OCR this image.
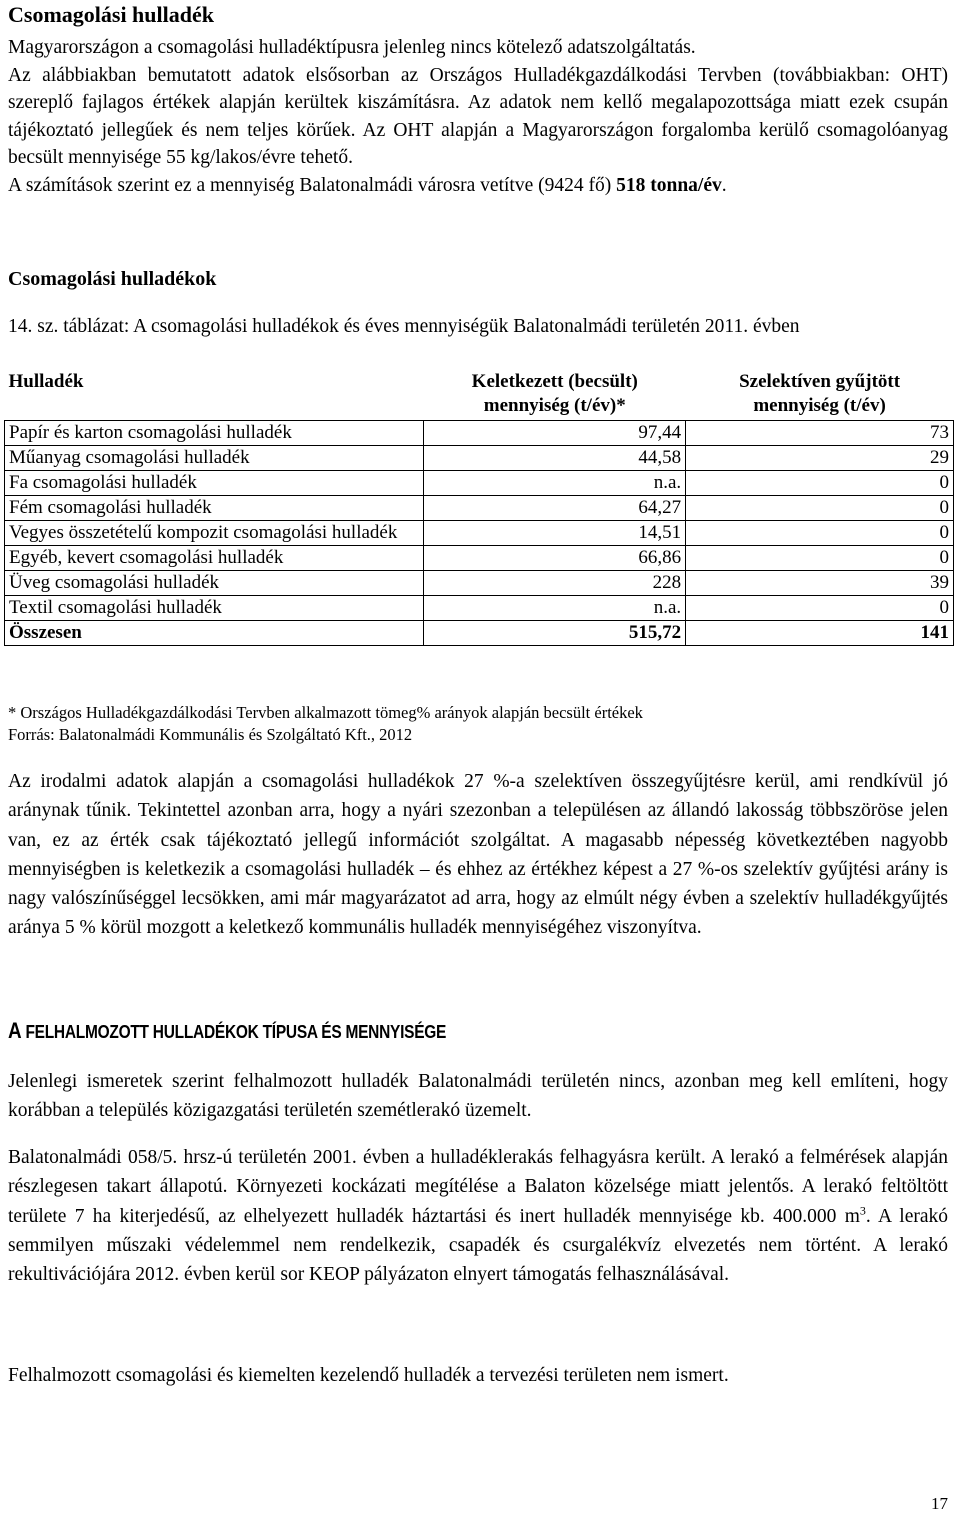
Csomagolási hulladék

Magyarországon a csomagolási hulladéktípusra jelenleg nincs kötelező adatszolgáltatás.

Az alábbiakban bemutatott adatok elsősorban az Országos Hulladékgazdálkodási Tervben (továbbiakban: OHT) szereplő fajlagos értékek alapján kerültek kiszámításra. Az adatok nem kellő megalapozottsága miatt ezek csupán tájékoztató jellegűek és nem teljes körűek. Az OHT alapján a Magyarországon forgalomba kerülő csomagolóanyag becsült mennyisége 55 kg/lakos/évre tehető.

A számítások szerint ez a mennyiség Balatonalmádi városra vetítve (9424 fő) 518 tonna/év.

Csomagolási hulladékok
14. sz. táblázat: A csomagolási hulladékok és éves mennyiségük Balatonalmádi területén 2011. évben
Hulladék	Keletkezett (becsült) mennyiség (t/év)*	Szelektíven gyűjtött mennyiség (t/év)
Papír és karton csomagolási hulladék	97,44	73
Műanyag csomagolási hulladék	44,58	29
Fa csomagolási hulladék	n.a.	0
Fém csomagolási hulladék	64,27	0
Vegyes összetételű kompozit csomagolási hulladék	14,51	0
Egyéb, kevert csomagolási hulladék	66,86	0
Üveg csomagolási hulladék	228	39
Textil csomagolási hulladék	n.a.	0
Összesen	515,72	141
* Országos Hulladékgazdálkodási Tervben alkalmazott tömeg% arányok alapján becsült értékek
Forrás: Balatonalmádi Kommunális és Szolgáltató Kft., 2012
Az irodalmi adatok alapján a csomagolási hulladékok 27 %-a szelektíven összegyűjtésre kerül, ami rendkívül jó aránynak tűnik. Tekintettel azonban arra, hogy a nyári szezonban a településen az állandó lakosság többszöröse jelen van, ez az érték csak tájékoztató jellegű információt szolgáltat. A magasabb népesség következtében nagyobb mennyiségben is keletkezik a csomagolási hulladék – és ehhez az értékhez képest a 27 %-os szelektív gyűjtési arány is nagy valószínűséggel lecsökken, ami már magyarázatot ad arra, hogy az elmúlt négy évben a szelektív hulladékgyűjtés aránya 5 % körül mozgott a keletkező kommunális hulladék mennyiségéhez viszonyítva.
A FELHALMOZOTT HULLADÉKOK TÍPUSA ÉS MENNYISÉGE
Jelenlegi ismeretek szerint felhalmozott hulladék Balatonalmádi területén nincs, azonban meg kell említeni, hogy korábban a település közigazgatási területén szemétlerakó üzemelt.
Balatonalmádi 058/5. hrsz-ú területén 2001. évben a hulladéklerakás felhagyásra került. A lerakó a felmérések alapján részlegesen takart állapotú. Környezeti kockázati megítélése a Balaton közelsége miatt jelentős. A lerakó feltöltött területe 7 ha kiterjedésű, az elhelyezett hulladék háztartási és inert hulladék mennyisége kb. 400.000 $m^3$. A lerakó semmilyen műszaki védelemmel nem rendelkezik, csapadék és csurgalékvíz elvezetés nem történt. A lerakó rekultivációjára 2012. évben kerül sor KEOP pályázaton elnyert támogatás felhasználásával.
Felhalmozott csomagolási és kiemelten kezelendő hulladék a tervezési területen nem ismert.
17
